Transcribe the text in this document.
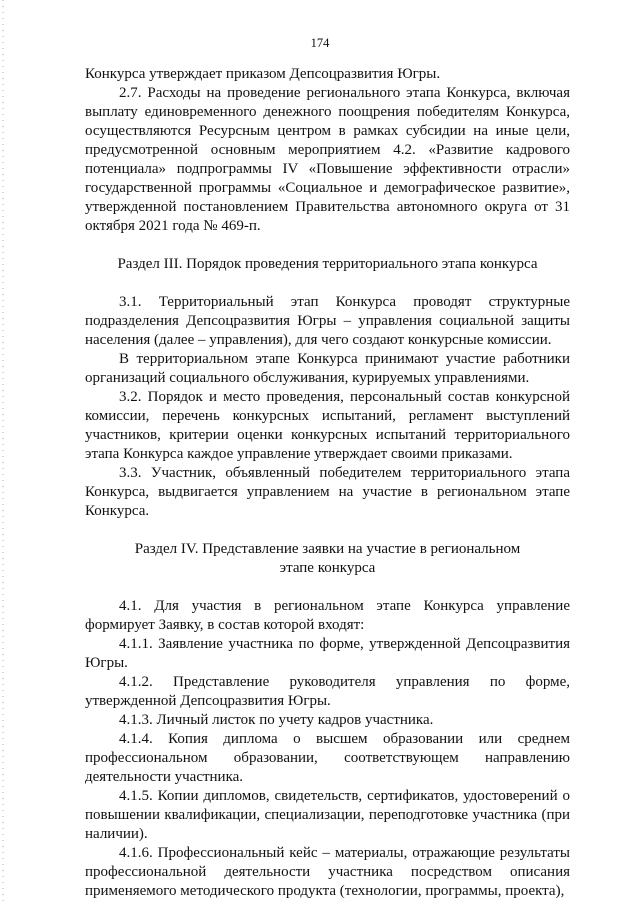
174

Конкурса утверждает приказом Депсоцразвития Югры.

2.7. Расходы на проведение регионального этапа Конкурса, включая выплату единовременного денежного поощрения победителям Конкурса, осуществляются Ресурсным центром в рамках субсидии на иные цели, предусмотренной основным мероприятием 4.2. «Развитие кадрового потенциала» подпрограммы IV «Повышение эффективности отрасли» государственной программы «Социальное и демографическое развитие», утвержденной постановлением Правительства автономного округа от 31 октября 2021 года № 469-п.

Раздел III. Порядок проведения территориального этапа конкурса

3.1. Территориальный этап Конкурса проводят структурные подразделения Депсоцразвития Югры – управления социальной защиты населения (далее – управления), для чего создают конкурсные комиссии.

В территориальном этапе Конкурса принимают участие работники организаций социального обслуживания, курируемых управлениями.

3.2. Порядок и место проведения, персональный состав конкурсной комиссии, перечень конкурсных испытаний, регламент выступлений участников, критерии оценки конкурсных испытаний территориального этапа Конкурса каждое управление утверждает своими приказами.

3.3. Участник, объявленный победителем территориального этапа Конкурса, выдвигается управлением на участие в региональном этапе Конкурса.

Раздел IV. Представление заявки на участие в региональном

этапе конкурса

4.1. Для участия в региональном этапе Конкурса управление формирует Заявку, в состав которой входят:

4.1.1. Заявление участника по форме, утвержденной Депсоцразвития Югры.

4.1.2. Представление руководителя управления по форме, утвержденной Депсоцразвития Югры.

4.1.3. Личный листок по учету кадров участника.

4.1.4. Копия диплома о высшем образовании или среднем профессиональном образовании, соответствующем направлению деятельности участника.

4.1.5. Копии дипломов, свидетельств, сертификатов, удостоверений о повышении квалификации, специализации, переподготовке участника (при наличии).

4.1.6. Профессиональный кейс – материалы, отражающие результаты профессиональной деятельности участника посредством описания применяемого методического продукта (технологии, программы, проекта),
